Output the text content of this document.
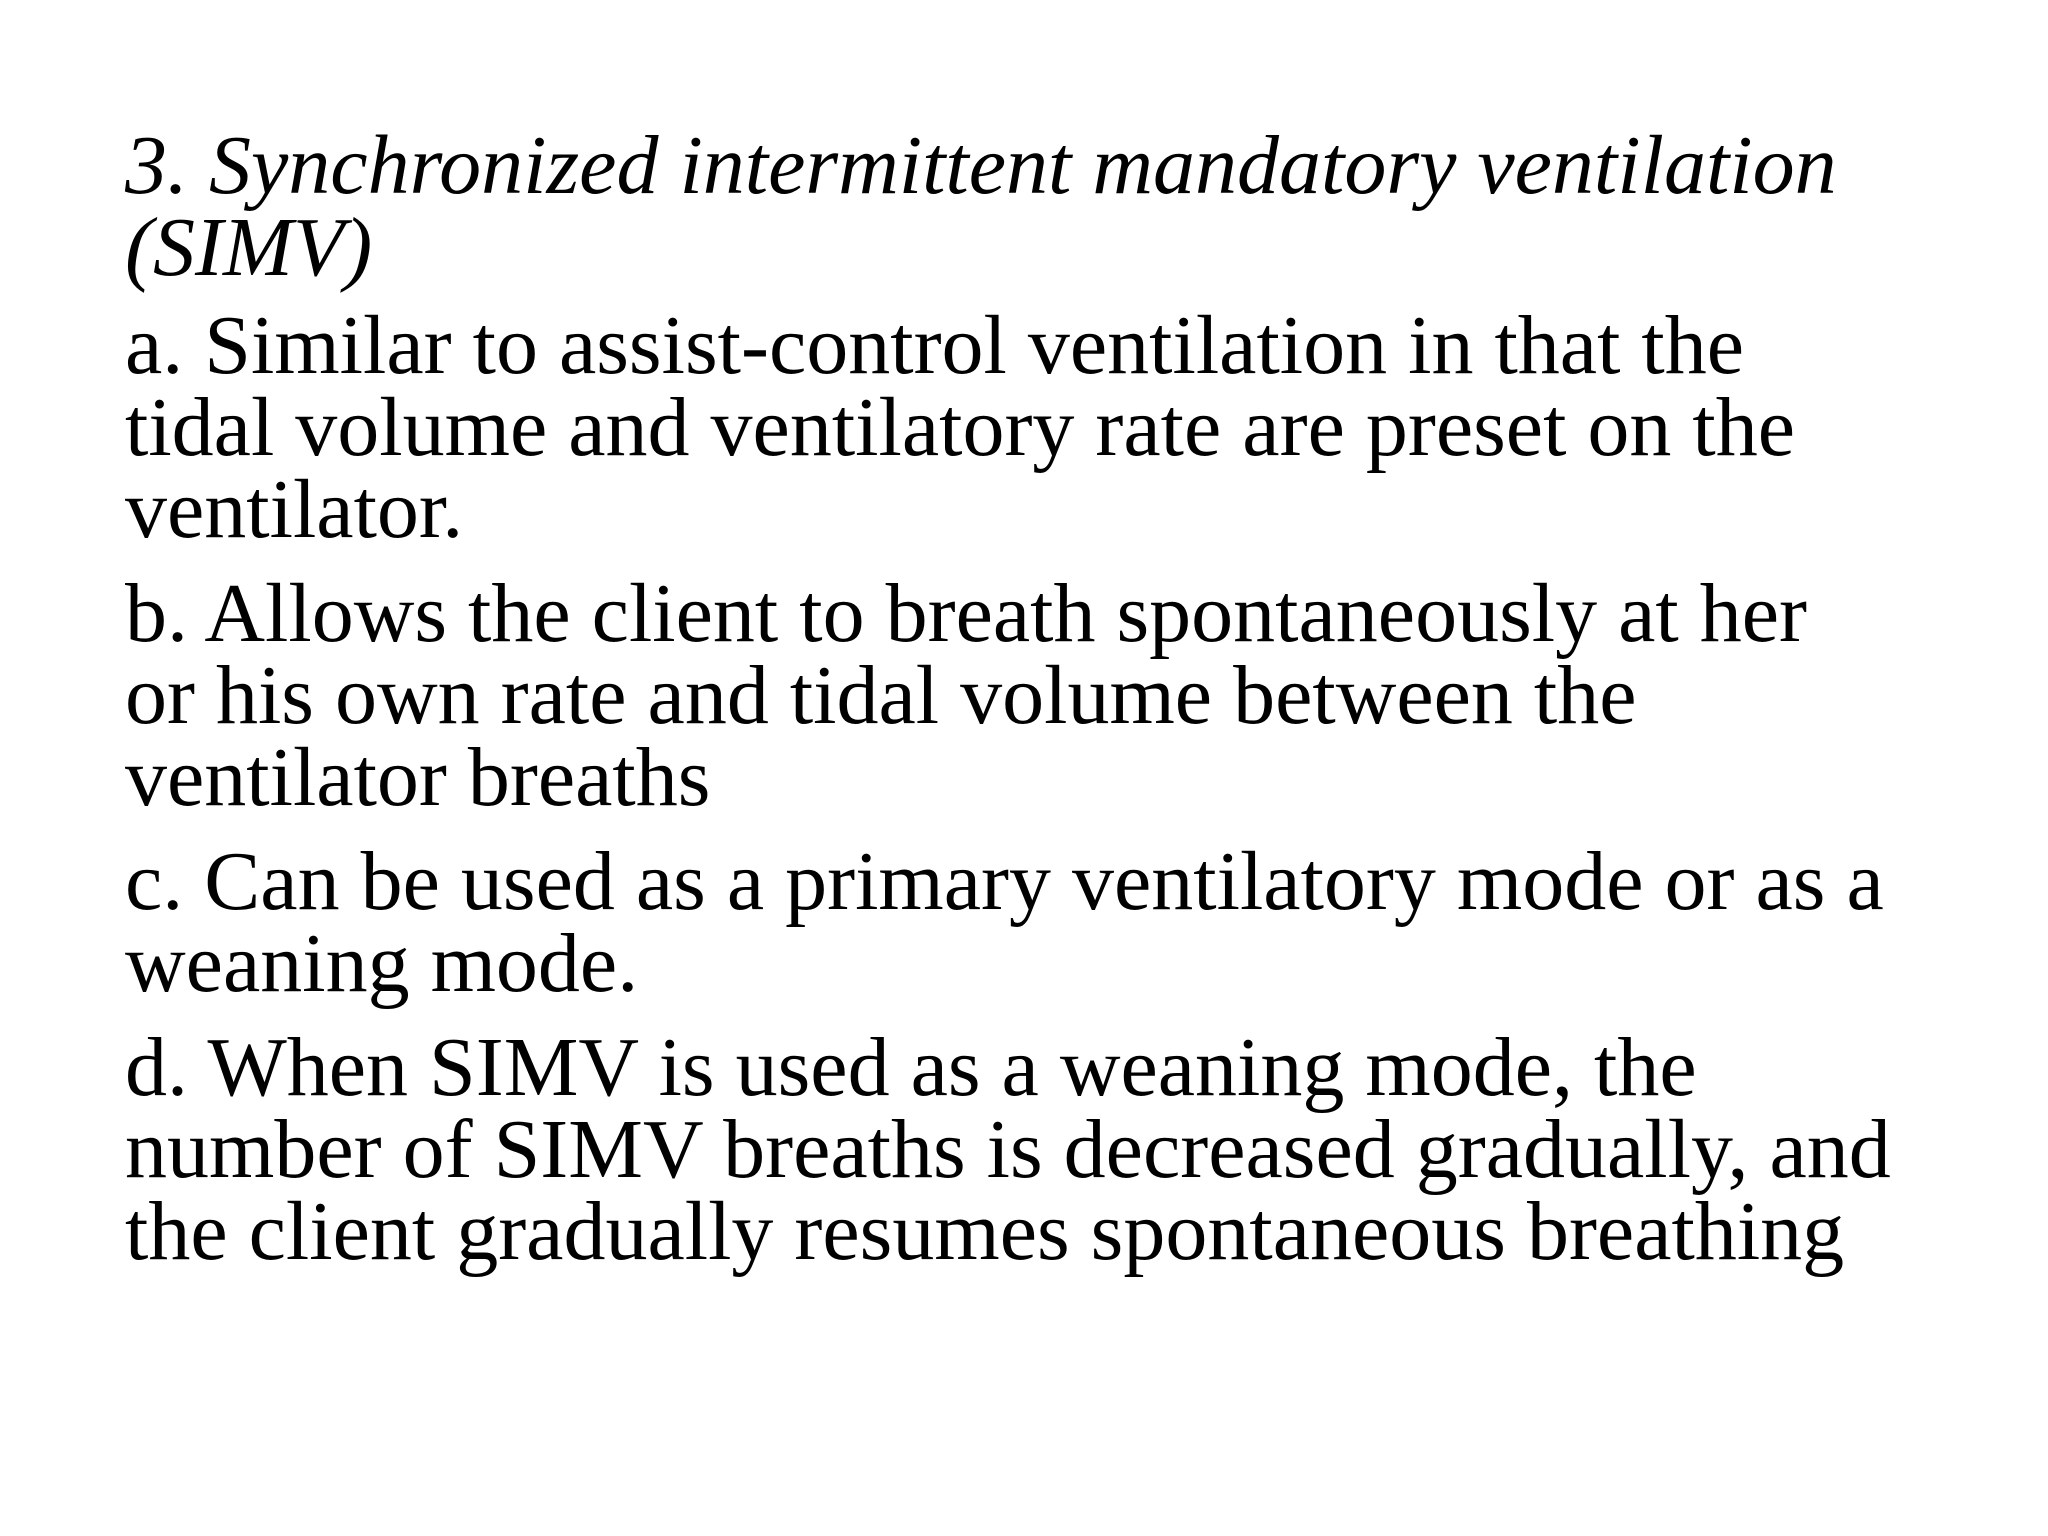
3. Synchronized intermittent mandatory ventilation
(SIMV)
a. Similar to assist-control ventilation in that the
tidal volume and ventilatory rate are preset on the
ventilator.
b. Allows the client to breath spontaneously at her
or his own rate and tidal volume between the
ventilator breaths
c. Can be used as a primary ventilatory mode or as a
weaning mode.
d. When SIMV is used as a weaning mode, the
number of SIMV breaths is decreased gradually, and
the client gradually resumes spontaneous breathing
